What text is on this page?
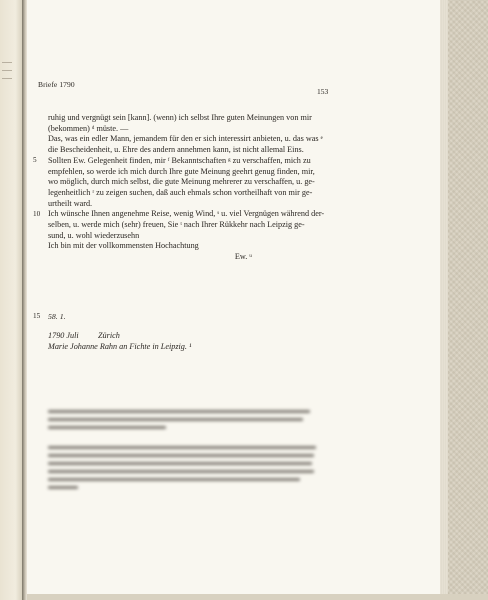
Briefe 1790
153
ruhig und vergnügt sein [kann]. (wenn) ich selbst Ihre guten Meinungen von mir
(bekommen) ᵈ müste. —
Das, was ein edler Mann, jemandem für den er sich interessirt anbieten, u. das was ᵉ
die Bescheidenheit, u. Ehre des andern annehmen kann, ist nicht allemal Eins.
Sollten Ew. Gelegenheit finden, mir ᶠ Bekanntschaften ᵍ zu verschaffen, mich zu
empfehlen, so werde ich mich durch Ihre gute Meinung geehrt genug finden, mir,
wo möglich, durch mich selbst, die gute Meinung mehrerer zu verschaffen, u. ge-
legenheitlich ʳ zu zeigen suchen, daß auch ehmals schon vortheilhaft von mir ge-
urtheilt ward.
Ich wünsche Ihnen angenehme Reise, wenig Wind, ˢ u. viel Vergnügen während der-
selben, u. werde mich (sehr) freuen, Sie ᵗ nach Ihrer Rükkehr nach Leipzig ge-
sund, u. wohl wiederzusehn
Ich bin mit der vollkommensten Hochachtung
Ew. ᵘ
5
10
15 58. 1.
1790 Juli Zürich
Marie Johanne Rahn an Fichte in Leipzig. ¹
